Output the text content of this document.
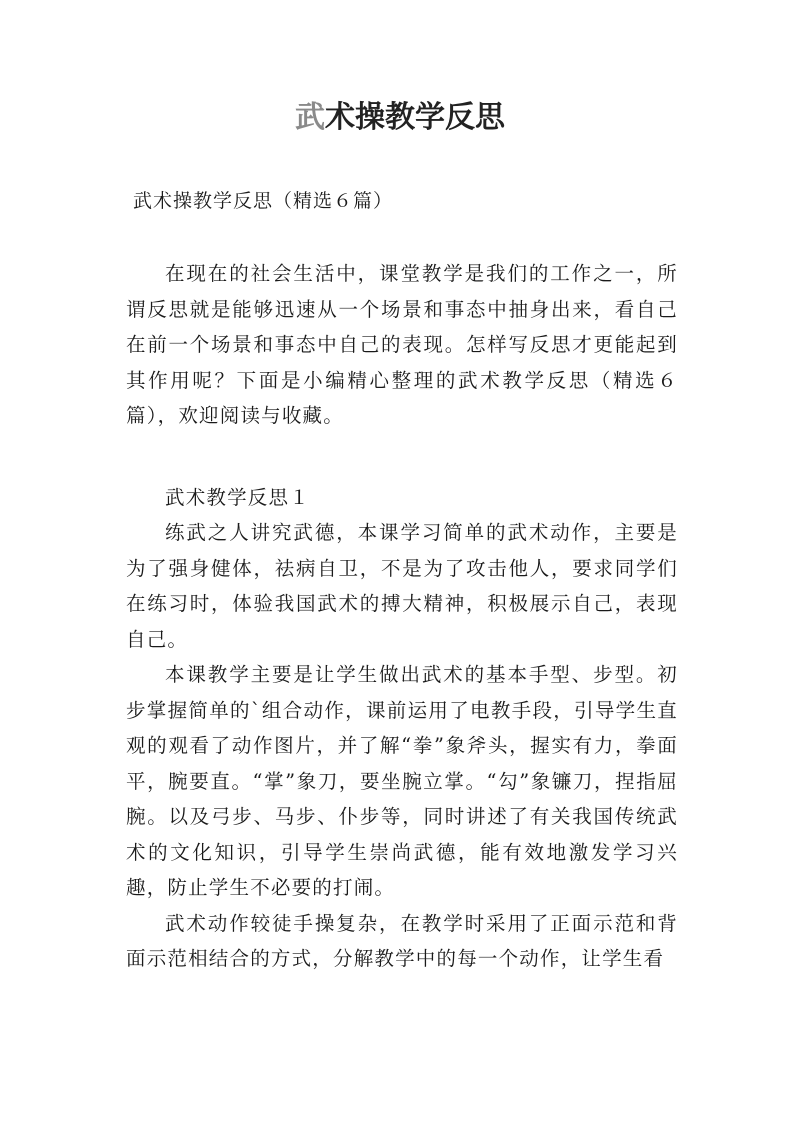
武术操教学反思
武术操教学反思（精选６篇）

在现在的社会生活中，课堂教学是我们的工作之一，所谓反思就是能够迅速从一个场景和事态中抽身出来，看自己在前一个场景和事态中自己的表现。怎样写反思才更能起到其作用呢？下面是小编精心整理的武术教学反思（精选６篇），欢迎阅读与收藏。

武术教学反思１

练武之人讲究武德，本课学习简单的武术动作，主要是为了强身健体，祛病自卫，不是为了攻击他人，要求同学们在练习时，体验我国武术的搏大精神，积极展示自己，表现自己。

本课教学主要是让学生做出武术的基本手型、步型。初步掌握简单的`组合动作，课前运用了电教手段，引导学生直观的观看了动作图片，并了解“拳”象斧头，握实有力，拳面平，腕要直。“掌”象刀，要坐腕立掌。“勾”象镰刀，捏指屈腕。以及弓步、马步、仆步等，同时讲述了有关我国传统武术的文化知识，引导学生崇尚武德，能有效地激发学习兴趣，防止学生不必要的打闹。

武术动作较徒手操复杂，在教学时采用了正面示范和背面示范相结合的方式，分解教学中的每一个动作，让学生看
